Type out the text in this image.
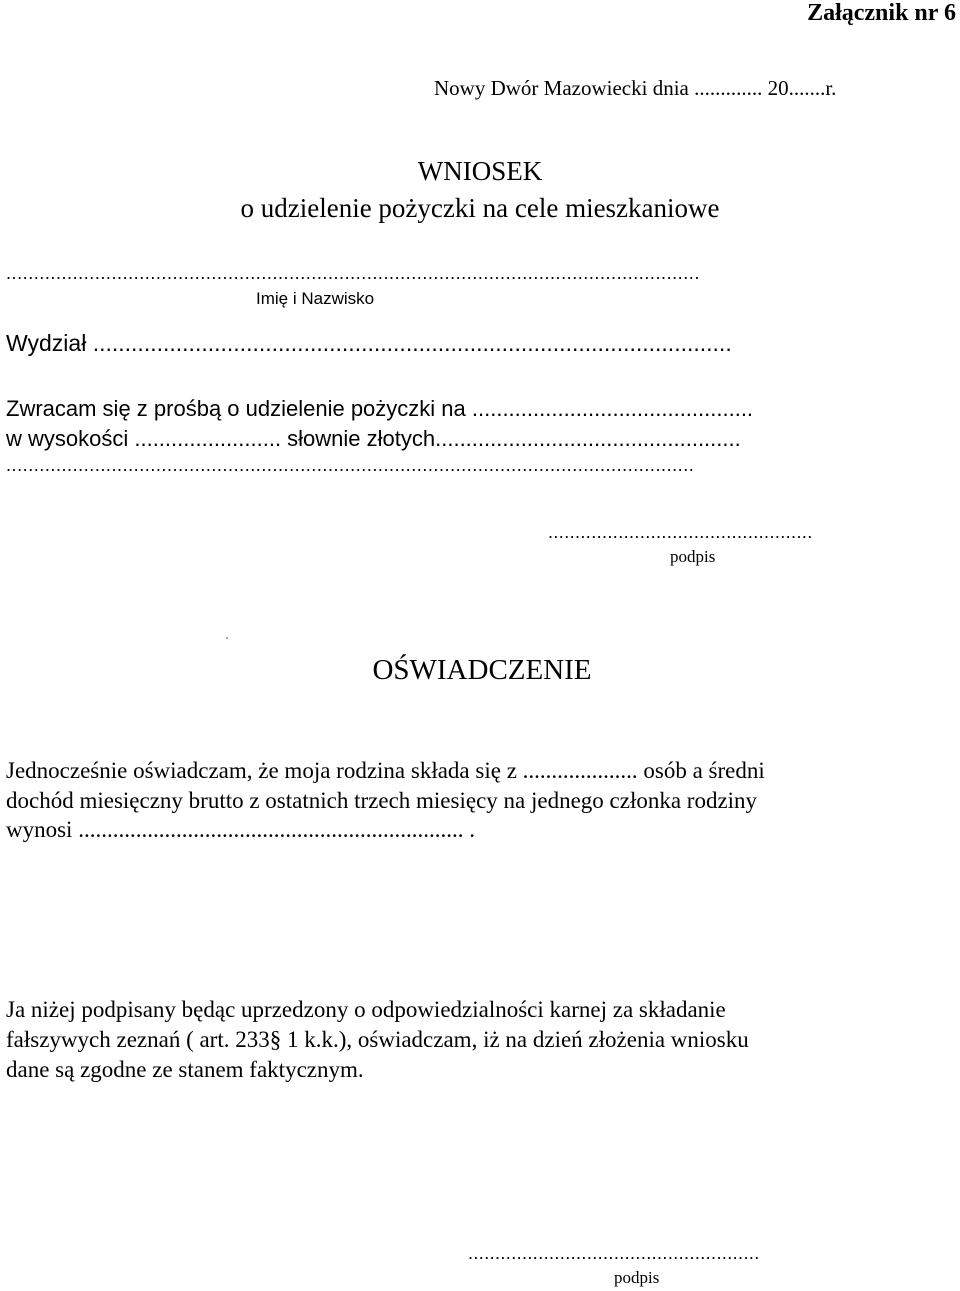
Załącznik nr 6
Nowy Dwór Mazowiecki dnia ............. 20.......r.
WNIOSEK
o udzielenie pożyczki na cele mieszkaniowe
.............................................................................................................................
Imię i Nazwisko
Wydział ....................................................................................................
Zwracam się z prośbą o udzielenie pożyczki na ..............................................
w wysokości ........................ słownie złotych..................................................
............................................................................................................................
.................................................
podpis
OŚWIADCZENIE
Jednocześnie oświadczam, że moja rodzina składa się z .................... osób a średni
dochód miesięczny brutto z ostatnich trzech miesięcy na jednego członka rodziny
wynosi ................................................................... .
Ja niżej podpisany będąc uprzedzony o odpowiedzialności karnej za składanie
fałszywych zeznań ( art. 233§ 1 k.k.), oświadczam, iż na dzień złożenia wniosku
dane są zgodne ze stanem faktycznym.
......................................................
podpis
